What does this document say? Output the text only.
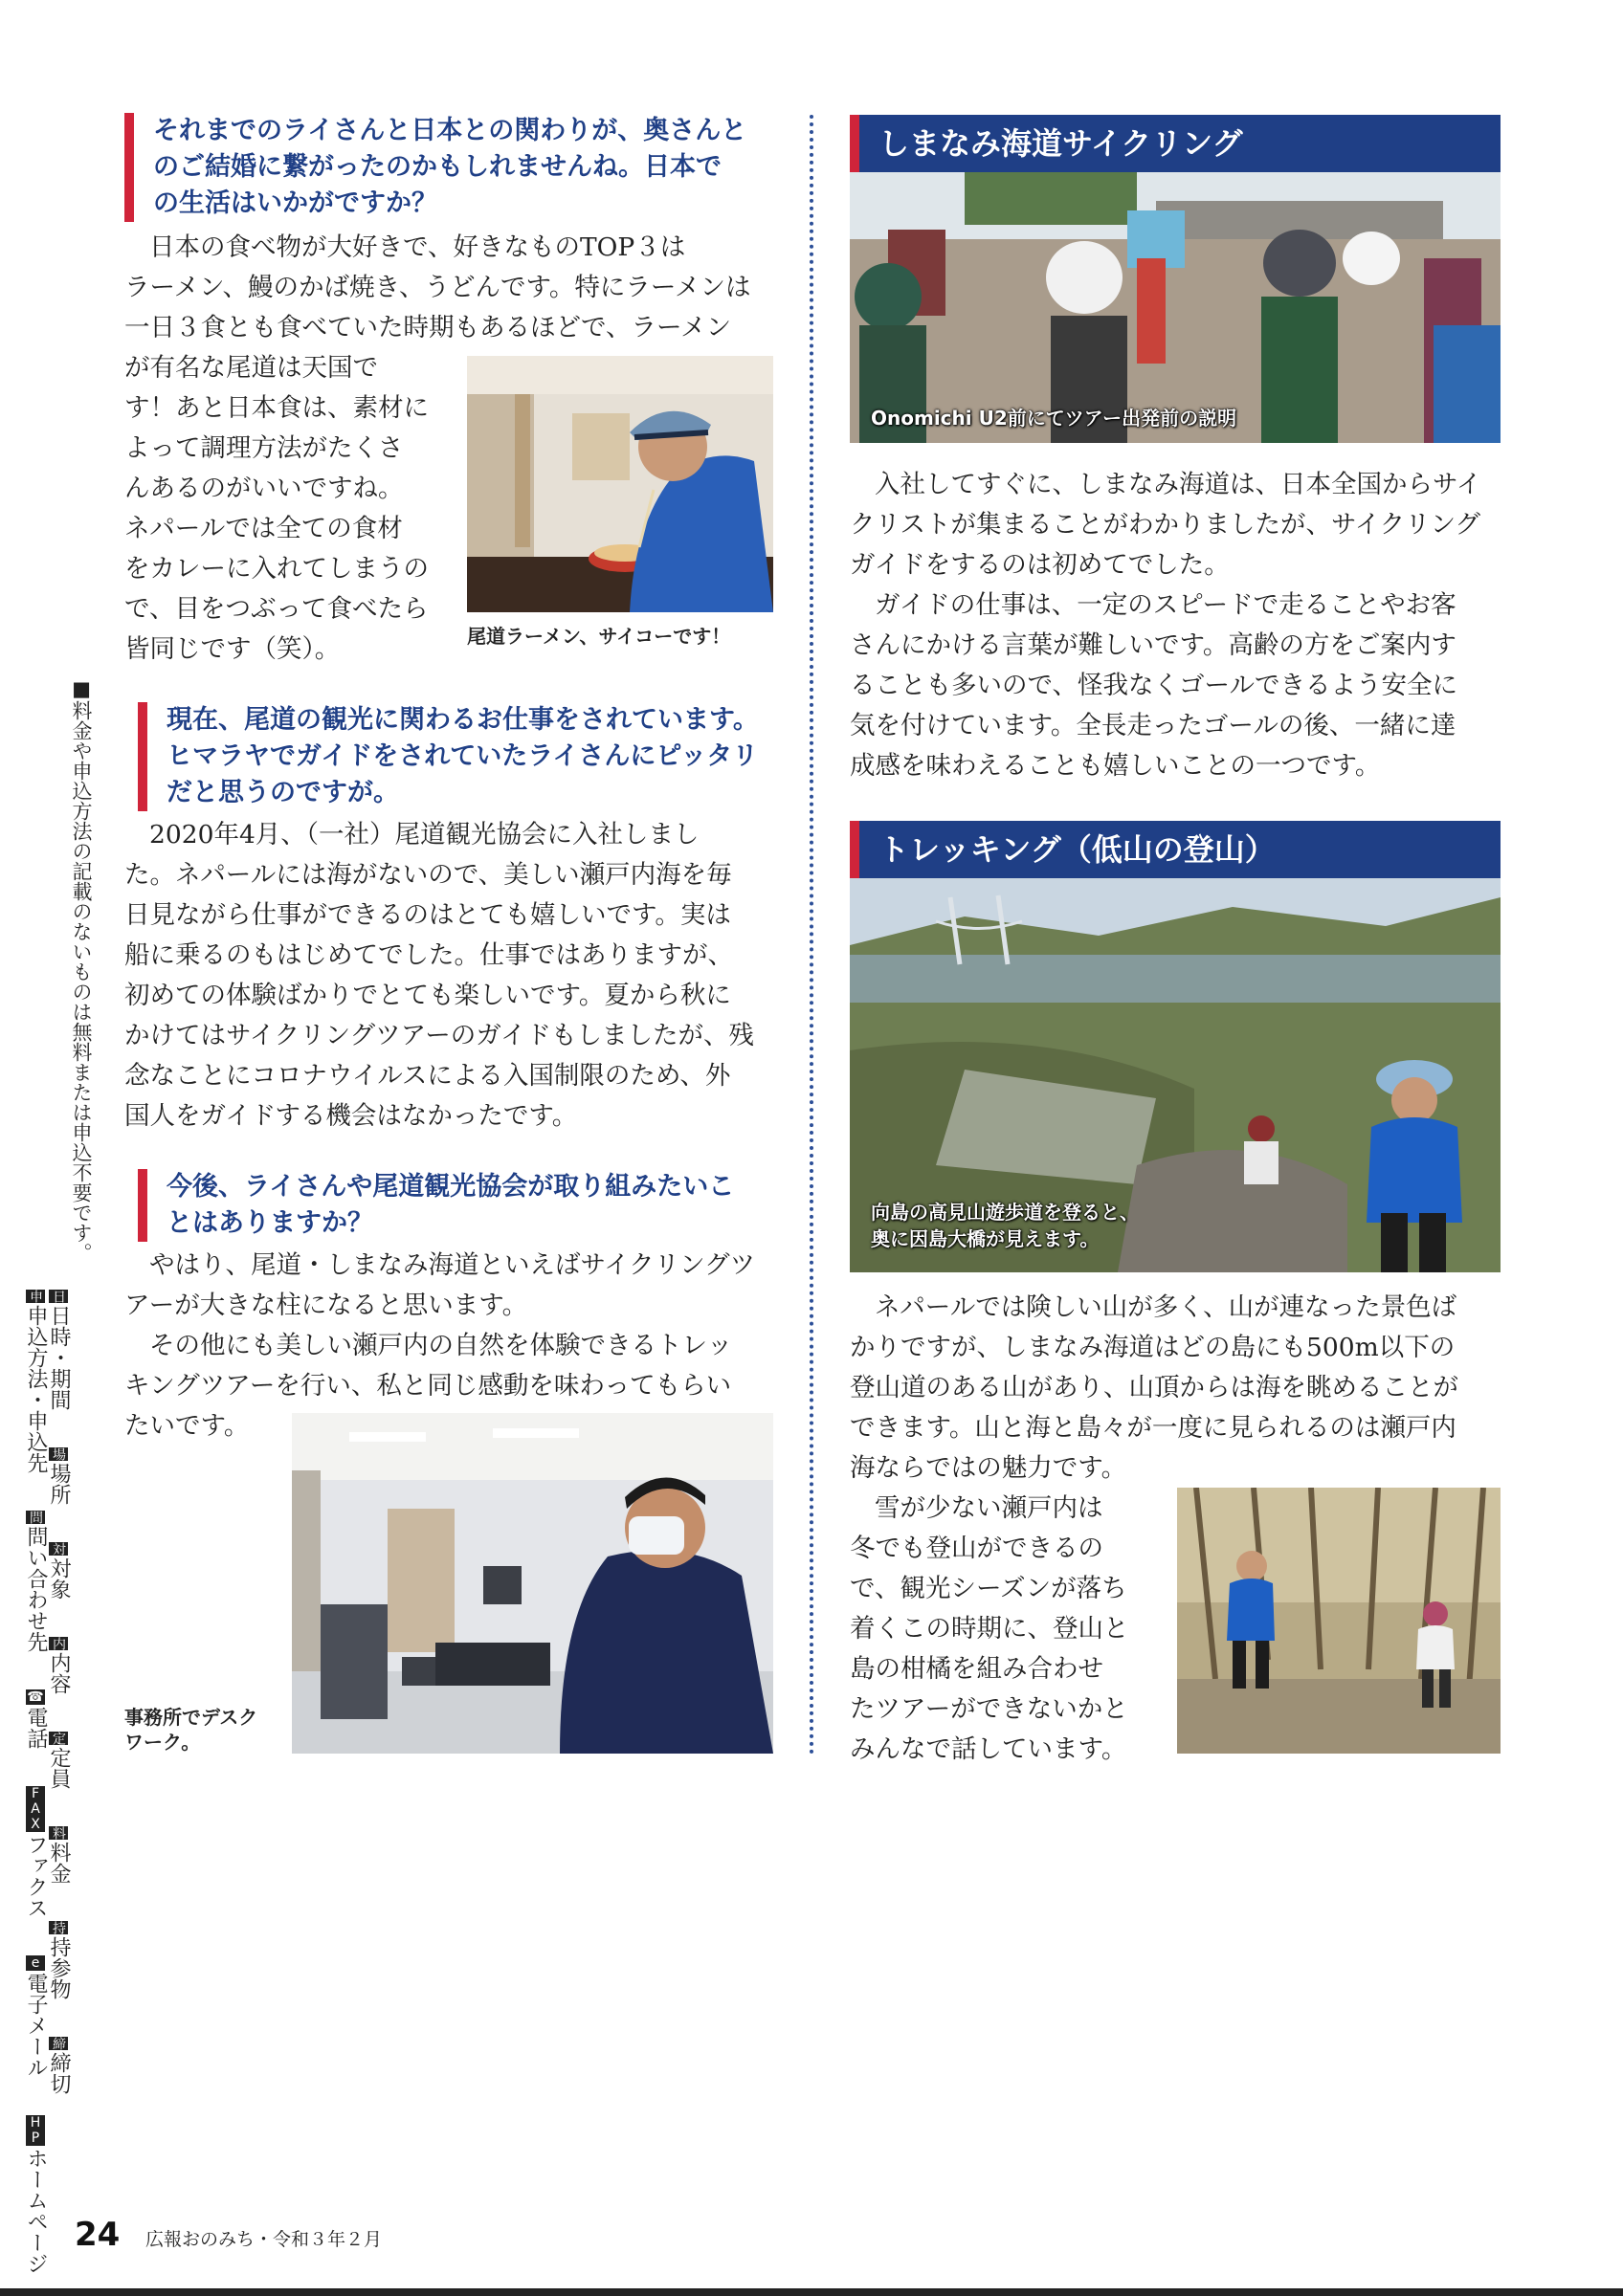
それまでのライさんと日本との関わりが、奥さんと
のご結婚に繋がったのかもしれませんね。日本で
の生活はいかがですか？
日本の食べ物が大好きで、好きなものTOP３は
ラーメン、鰻のかば焼き、うどんです。特にラーメンは
一日３食とも食べていた時期もあるほどで、ラーメン
が有名な尾道は天国で
す！あと日本食は、素材に
よって調理方法がたくさ
んあるのがいいですね。
ネパールでは全ての食材
をカレーに入れてしまうの
で、目をつぶって食べたら
皆同じです（笑）。	尾道ラーメン、サイコーです！
現在、尾道の観光に関わるお仕事をされています。
ヒマラヤでガイドをされていたライさんにピッタリ
だと思うのですが。
2020年4月、（一社）尾道観光協会に入社しまし
た。ネパールには海がないので、美しい瀬戸内海を毎
日見ながら仕事ができるのはとても嬉しいです。実は
船に乗るのもはじめてでした。仕事ではありますが、
初めての体験ばかりでとても楽しいです。夏から秋に
かけてはサイクリングツアーのガイドもしましたが、残
念なことにコロナウイルスによる入国制限のため、外
国人をガイドする機会はなかったです。
今後、ライさんや尾道観光協会が取り組みたいこ
とはありますか？
やはり、尾道・しまなみ海道といえばサイクリングツ
アーが大きな柱になると思います。
その他にも美しい瀬戸内の自然を体験できるトレッ
キングツアーを行い、私と同じ感動を味わってもらい
たいです。
事務所でデスク
ワーク。
しまなみ海道サイクリング
Onomichi U2前にてツアー出発前の説明
入社してすぐに、しまなみ海道は、日本全国からサイ
クリストが集まることがわかりましたが、サイクリング
ガイドをするのは初めてでした。
ガイドの仕事は、一定のスピードで走ることやお客
さんにかける言葉が難しいです。高齢の方をご案内す
ることも多いので、怪我なくゴールできるよう安全に
気を付けています。全長走ったゴールの後、一緒に達
成感を味わえることも嬉しいことの一つです。
トレッキング（低山の登山）
向島の高見山遊歩道を登ると、
奥に因島大橋が見えます。
ネパールでは険しい山が多く、山が連なった景色ば
かりですが、しまなみ海道はどの島にも500m以下の
登山道のある山があり、山頂からは海を眺めることが
できます。山と海と島々が一度に見られるのは瀬戸内
海ならではの魅力です。
雪が少ない瀬戸内は
冬でも登山ができるの
で、観光シーズンが落ち
着くこの時期に、登山と
島の柑橘を組み合わせ
たツアーができないかと
みんなで話しています。
■料金や申込方法の記載のないものは無料または申込不要です。
日日時・期間 場場所 対対象 内内容 定定員 料料金 持持参物 締締切
申申込方法・申込先 問問い合わせ先 ☎電話 FAXファクス e電子メール HPホームページ 24 広報おのみち・令和３年２月
